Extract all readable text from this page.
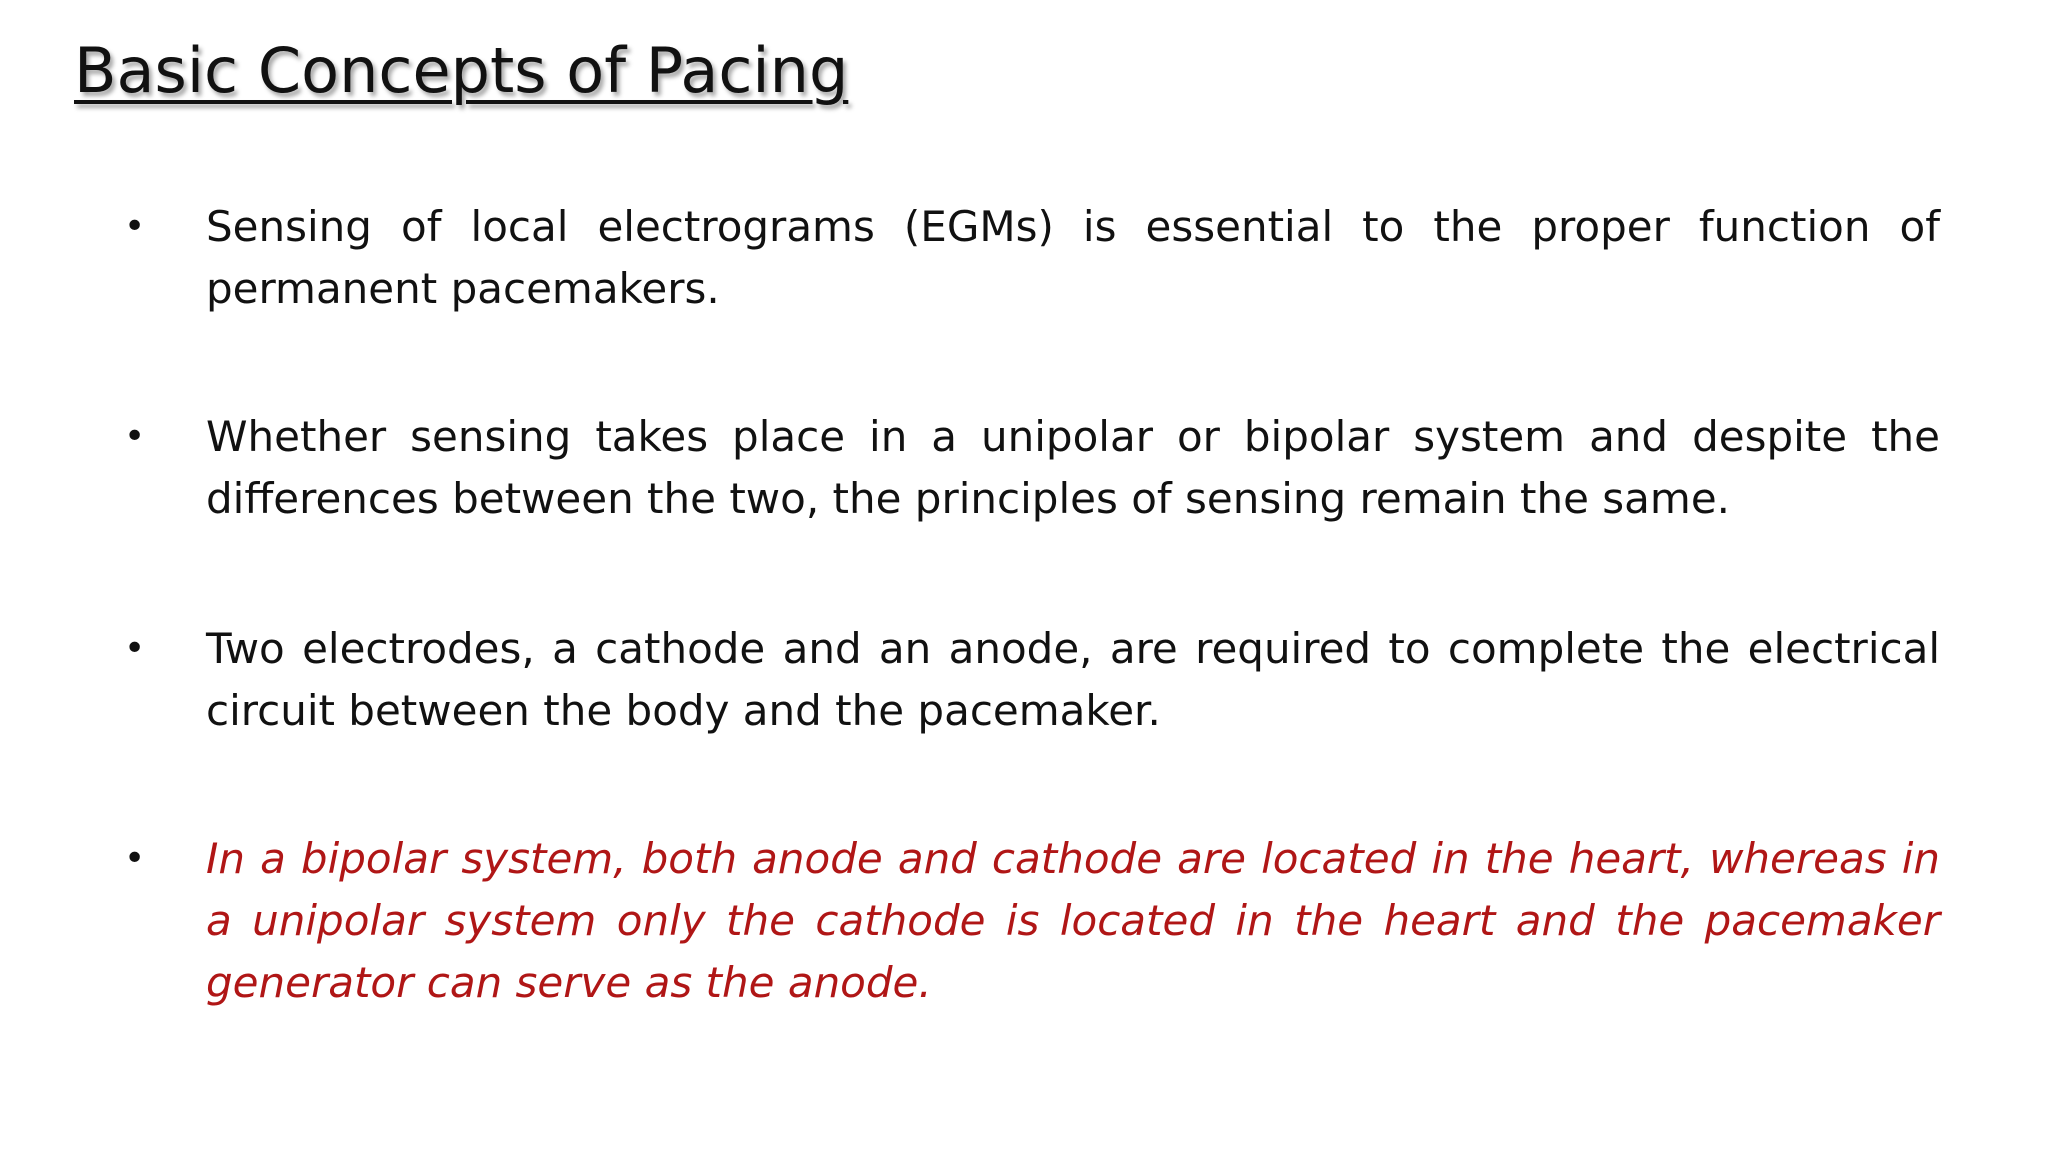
Basic Concepts of Pacing
•	Sensing of local electrograms (EGMs) is essential to the proper function of permanent pacemakers.
•	Whether sensing takes place in a unipolar or bipolar system and despite the differences between the two, the principles of sensing remain the same.
•	Two electrodes, a cathode and an anode, are required to complete the electrical circuit between the body and the pacemaker.
•	In a bipolar system, both anode and cathode are located in the heart, whereas in a unipolar system only the cathode is located in the heart and the pacemaker generator can serve as the anode.
